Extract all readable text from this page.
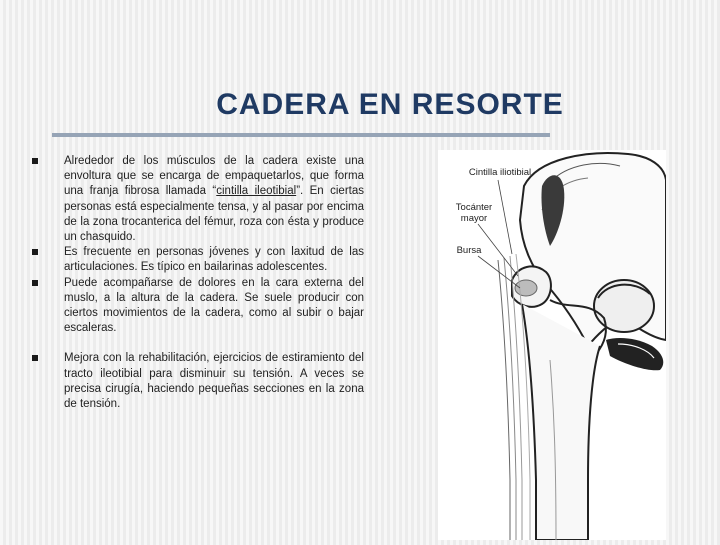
CADERA EN RESORTE
Alrededor de los músculos de la cadera existe una envoltura que se encarga de empaquetarlos, que forma una franja fibrosa llamada “cintilla ileotibial”. En ciertas personas está especialmente tensa, y al pasar por encima de la zona trocanterica del fémur, roza con ésta y produce un chasquido.
Es frecuente en personas jóvenes y con laxitud de las articulaciones. Es típico en bailarinas adolescentes.
Puede acompañarse de dolores en la cara externa del muslo, a la altura de la cadera. Se suele producir con ciertos movimientos de la cadera, como al subir o bajar escaleras.
Mejora con la rehabilitación, ejercicios de estiramiento del tracto ileotibial para disminuir su tensión. A veces se precisa cirugía, haciendo pequeñas secciones en la zona de tensión.
Cintilla iliotibial
Tocánter
mayor
Bursa
